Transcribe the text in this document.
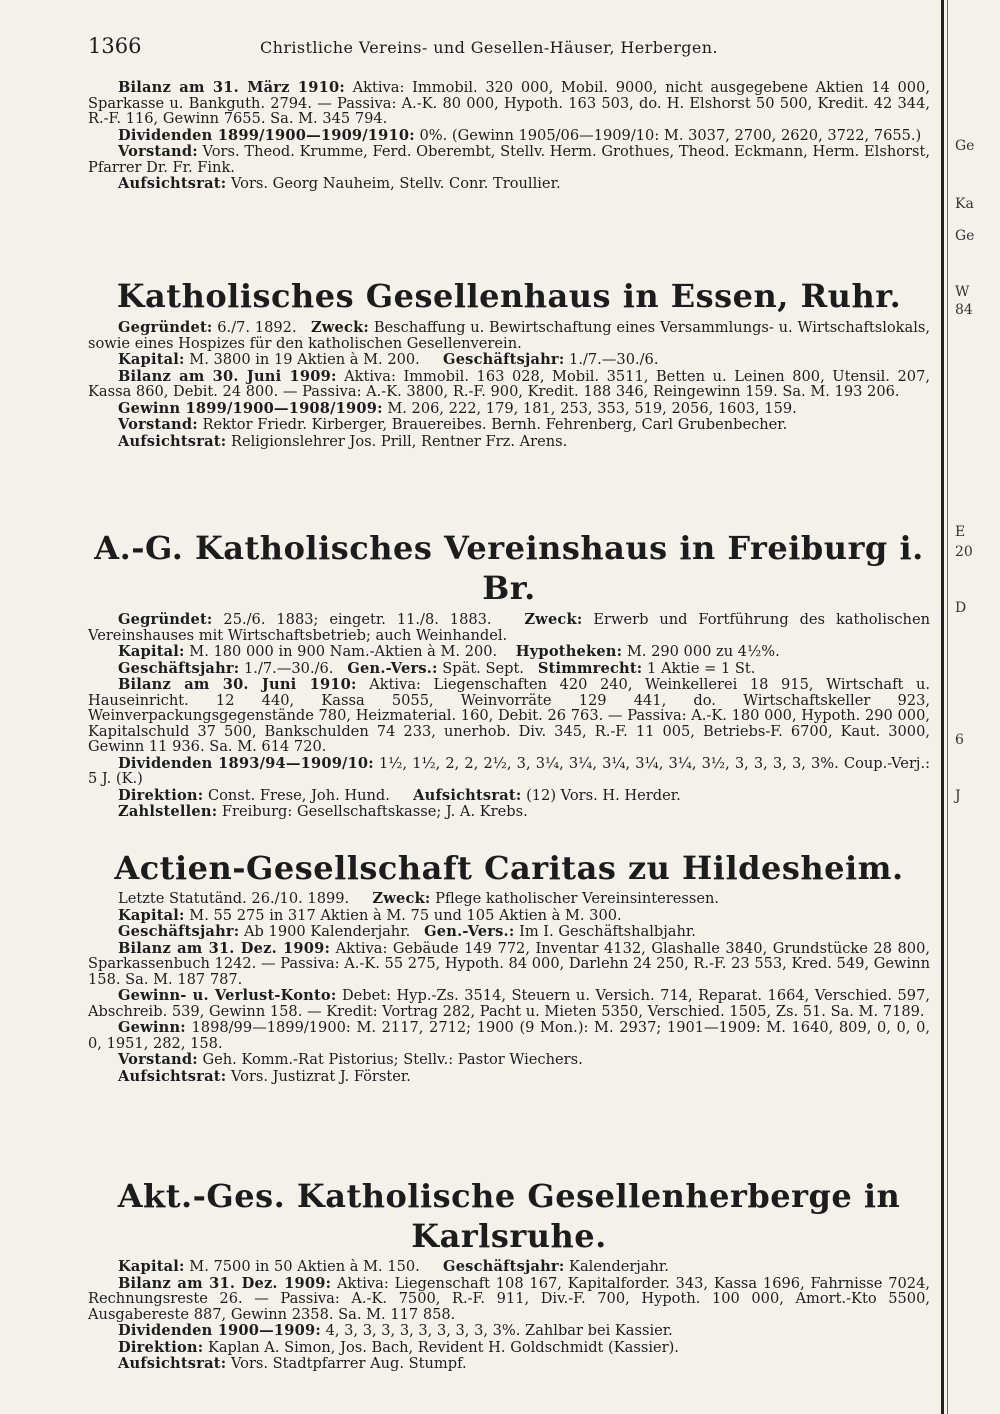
1366	Christliche Vereins- und Gesellen-Häuser, Herbergen.

Bilanz am 31. März 1910: Aktiva: Immobil. 320 000, Mobil. 9000, nicht ausgegebene Aktien 14 000, Sparkasse u. Bankguth. 2794. — Passiva: A.-K. 80 000, Hypoth. 163 503, do. H. Elshorst 50 500, Kredit. 42 344, R.-F. 116, Gewinn 7655. Sa. M. 345 794.

Dividenden 1899/1900—1909/1910: 0%. (Gewinn 1905/06—1909/10: M. 3037, 2700, 2620, 3722, 7655.)

Vorstand: Vors. Theod. Krumme, Ferd. Oberembt, Stellv. Herm. Grothues, Theod. Eckmann, Herm. Elshorst, Pfarrer Dr. Fr. Fink.

Aufsichtsrat: Vors. Georg Nauheim, Stellv. Conr. Troullier.

Katholisches Gesellenhaus in Essen, Ruhr.

Gegründet: 6./7. 1892. Zweck: Beschaffung u. Bewirtschaftung eines Versammlungs- u. Wirtschaftslokals, sowie eines Hospizes für den katholischen Gesellenverein.

Kapital: M. 3800 in 19 Aktien à M. 200. Geschäftsjahr: 1./7.—30./6.

Bilanz am 30. Juni 1909: Aktiva: Immobil. 163 028, Mobil. 3511, Betten u. Leinen 800, Utensil. 207, Kassa 860, Debit. 24 800. — Passiva: A.-K. 3800, R.-F. 900, Kredit. 188 346, Reingewinn 159. Sa. M. 193 206.

Gewinn 1899/1900—1908/1909: M. 206, 222, 179, 181, 253, 353, 519, 2056, 1603, 159.

Vorstand: Rektor Friedr. Kirberger, Brauereibes. Bernh. Fehrenberg, Carl Grubenbecher.

Aufsichtsrat: Religionslehrer Jos. Prill, Rentner Frz. Arens.

A.-G. Katholisches Vereinshaus in Freiburg i. Br.

Gegründet: 25./6. 1883; eingetr. 11./8. 1883. Zweck: Erwerb und Fortführung des katholischen Vereinshauses mit Wirtschaftsbetrieb; auch Weinhandel.

Kapital: M. 180 000 in 900 Nam.-Aktien à M. 200. Hypotheken: M. 290 000 zu 4½%.

Geschäftsjahr: 1./7.—30./6. Gen.-Vers.: Spät. Sept. Stimmrecht: 1 Aktie = 1 St.

Bilanz am 30. Juni 1910: Aktiva: Liegenschaften 420 240, Weinkellerei 18 915, Wirtschaft u. Hauseinricht. 12 440, Kassa 5055, Weinvorräte 129 441, do. Wirtschaftskeller 923, Weinverpackungsgegenstände 780, Heizmaterial. 160, Debit. 26 763. — Passiva: A.-K. 180 000, Hypoth. 290 000, Kapitalschuld 37 500, Bankschulden 74 233, unerhob. Div. 345, R.-F. 11 005, Betriebs-F. 6700, Kaut. 3000, Gewinn 11 936. Sa. M. 614 720.

Dividenden 1893/94—1909/10: 1½, 1½, 2, 2, 2½, 3, 3¼, 3¼, 3¼, 3¼, 3¼, 3½, 3, 3, 3, 3, 3%. Coup.-Verj.: 5 J. (K.)

Direktion: Const. Frese, Joh. Hund. Aufsichtsrat: (12) Vors. H. Herder.

Zahlstellen: Freiburg: Gesellschaftskasse; J. A. Krebs.

Actien-Gesellschaft Caritas zu Hildesheim.

Letzte Statutänd. 26./10. 1899. Zweck: Pflege katholischer Vereinsinteressen.

Kapital: M. 55 275 in 317 Aktien à M. 75 und 105 Aktien à M. 300.

Geschäftsjahr: Ab 1900 Kalenderjahr. Gen.-Vers.: Im I. Geschäftshalbjahr.

Bilanz am 31. Dez. 1909: Aktiva: Gebäude 149 772, Inventar 4132, Glashalle 3840, Grundstücke 28 800, Sparkassenbuch 1242. — Passiva: A.-K. 55 275, Hypoth. 84 000, Darlehn 24 250, R.-F. 23 553, Kred. 549, Gewinn 158. Sa. M. 187 787.

Gewinn- u. Verlust-Konto: Debet: Hyp.-Zs. 3514, Steuern u. Versich. 714, Reparat. 1664, Verschied. 597, Abschreib. 539, Gewinn 158. — Kredit: Vortrag 282, Pacht u. Mieten 5350, Verschied. 1505, Zs. 51. Sa. M. 7189.

Gewinn: 1898/99—1899/1900: M. 2117, 2712; 1900 (9 Mon.): M. 2937; 1901—1909: M. 1640, 809, 0, 0, 0, 0, 1951, 282, 158.

Vorstand: Geh. Komm.-Rat Pistorius; Stellv.: Pastor Wiechers.

Aufsichtsrat: Vors. Justizrat J. Förster.

Akt.-Ges. Katholische Gesellenherberge in Karlsruhe.

Kapital: M. 7500 in 50 Aktien à M. 150. Geschäftsjahr: Kalenderjahr.

Bilanz am 31. Dez. 1909: Aktiva: Liegenschaft 108 167, Kapitalforder. 343, Kassa 1696, Fahrnisse 7024, Rechnungsreste 26. — Passiva: A.-K. 7500, R.-F. 911, Div.-F. 700, Hypoth. 100 000, Amort.-Kto 5500, Ausgabereste 887, Gewinn 2358. Sa. M. 117 858.

Dividenden 1900—1909: 4, 3, 3, 3, 3, 3, 3, 3, 3, 3%. Zahlbar bei Kassier.

Direktion: Kaplan A. Simon, Jos. Bach, Revident H. Goldschmidt (Kassier).

Aufsichtsrat: Vors. Stadtpfarrer Aug. Stumpf.

Ge
Ka
Ge
W
84
E
20
D
6
J
